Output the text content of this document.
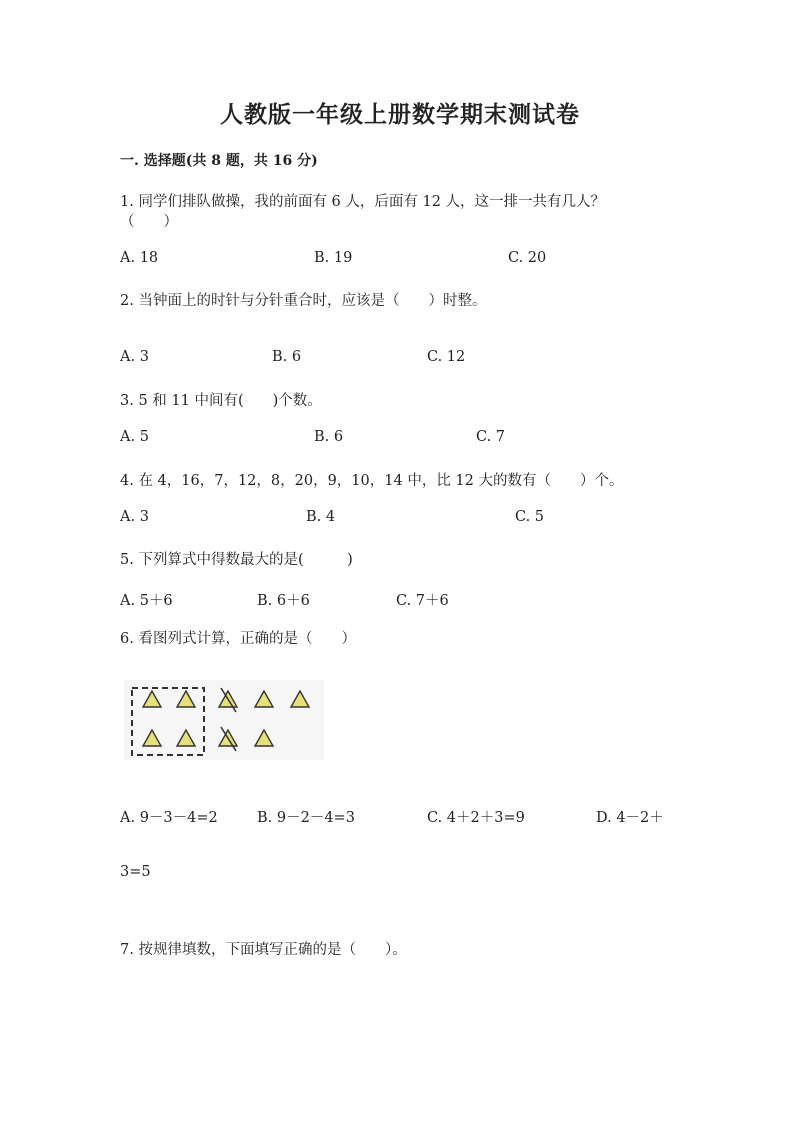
人教版一年级上册数学期末测试卷
一. 选择题(共 8 题，共 16 分)
1. 同学们排队做操，我的前面有 6 人，后面有 12 人，这一排一共有几人？
（　　）
A. 18	B. 19	C. 20
2. 当钟面上的时针与分针重合时，应该是（　　）时整。
A. 3	B. 6	C. 12
3. 5 和 11 中间有(　　)个数。
A. 5	B. 6	C. 7
4. 在 4，16，7，12，8，20，9，10，14 中，比 12 大的数有（　　）个。
A. 3	B. 4	C. 5
5. 下列算式中得数最大的是(　　　)
A. 5＋6	B. 6＋6	C. 7＋6
6. 看图列式计算，正确的是（　　）
A. 9－3－4=2	B. 9－2－4=3	C. 4＋2＋3=9	D. 4－2＋
3=5
7. 按规律填数，下面填写正确的是（　　）。
